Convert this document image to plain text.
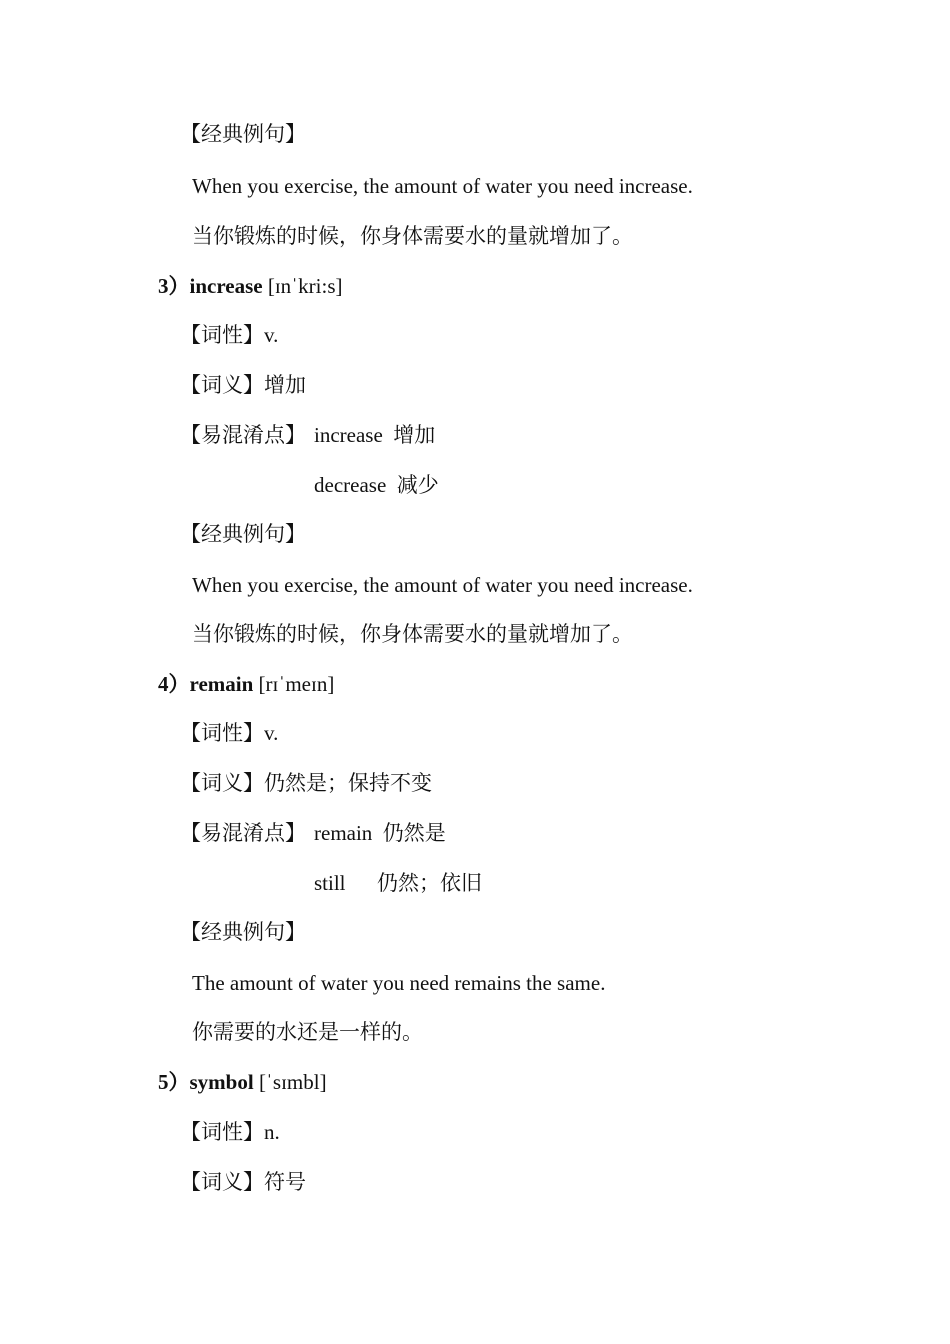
【经典例句】
When you exercise, the amount of water you need increase.
当你锻炼的时候，你身体需要水的量就增加了。
3）increase [ɪnˈkri:s]
【词性】v.
【词义】增加
【易混淆点】 increase  增加
decrease  减少
【经典例句】
When you exercise, the amount of water you need increase.
当你锻炼的时候，你身体需要水的量就增加了。
4）remain [rɪˈmeɪn]
【词性】v.
【词义】仍然是；保持不变
【易混淆点】 remain  仍然是
still      仍然；依旧
【经典例句】
The amount of water you need remains the same.
你需要的水还是一样的。
5）symbol [ˈsɪmbl]
【词性】n.
【词义】符号
